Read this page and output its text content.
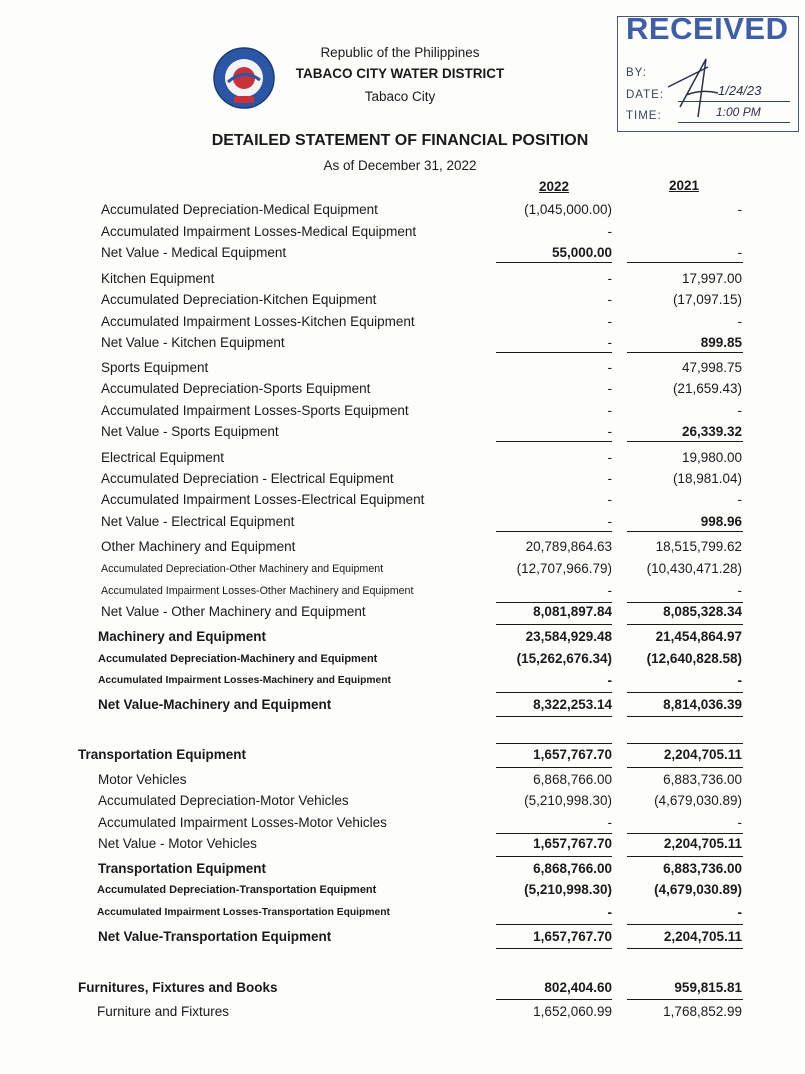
Republic of the Philippines
TABACO CITY WATER DISTRICT
Tabaco City
RECEIVED
BY:
DATE:
TIME:
1/24/23
1:00 PM
DETAILED STATEMENT OF FINANCIAL POSITION
As of December 31, 2022
2022	2021
Accumulated Depreciation-Medical Equipment	(1,045,000.00)	-
Accumulated Impairment Losses-Medical Equipment	-
Net Value - Medical Equipment	55,000.00	-
Kitchen Equipment	-	17,997.00
Accumulated Depreciation-Kitchen Equipment	-	(17,097.15)
Accumulated Impairment Losses-Kitchen Equipment	-	-
Net Value - Kitchen Equipment	-	899.85
Sports Equipment	-	47,998.75
Accumulated Depreciation-Sports Equipment	-	(21,659.43)
Accumulated Impairment Losses-Sports Equipment	-	-
Net Value - Sports Equipment	-	26,339.32
Electrical Equipment	-	19,980.00
Accumulated Depreciation - Electrical Equipment	-	(18,981.04)
Accumulated Impairment Losses-Electrical Equipment	-	-
Net Value - Electrical Equipment	-	998.96
Other Machinery and Equipment	20,789,864.63	18,515,799.62
Accumulated Depreciation-Other Machinery and Equipment	(12,707,966.79)	(10,430,471.28)
Accumulated Impairment Losses-Other Machinery and Equipment	-	-
Net Value - Other Machinery and Equipment	8,081,897.84	8,085,328.34
Machinery and Equipment	23,584,929.48	21,454,864.97
Accumulated Depreciation-Machinery and Equipment	(15,262,676.34)	(12,640,828.58)
Accumulated Impairment Losses-Machinery and Equipment	-	-
Net Value-Machinery and Equipment	8,322,253.14	8,814,036.39
Transportation Equipment	1,657,767.70	2,204,705.11
Motor Vehicles	6,868,766.00	6,883,736.00
Accumulated Depreciation-Motor Vehicles	(5,210,998.30)	(4,679,030.89)
Accumulated Impairment Losses-Motor Vehicles	-	-
Net Value - Motor Vehicles	1,657,767.70	2,204,705.11
Transportation Equipment	6,868,766.00	6,883,736.00
Accumulated Depreciation-Transportation Equipment	(5,210,998.30)	(4,679,030.89)
Accumulated Impairment Losses-Transportation Equipment	-	-
Net Value-Transportation Equipment	1,657,767.70	2,204,705.11
Furnitures, Fixtures and Books	802,404.60	959,815.81
Furniture and Fixtures	1,652,060.99	1,768,852.99
